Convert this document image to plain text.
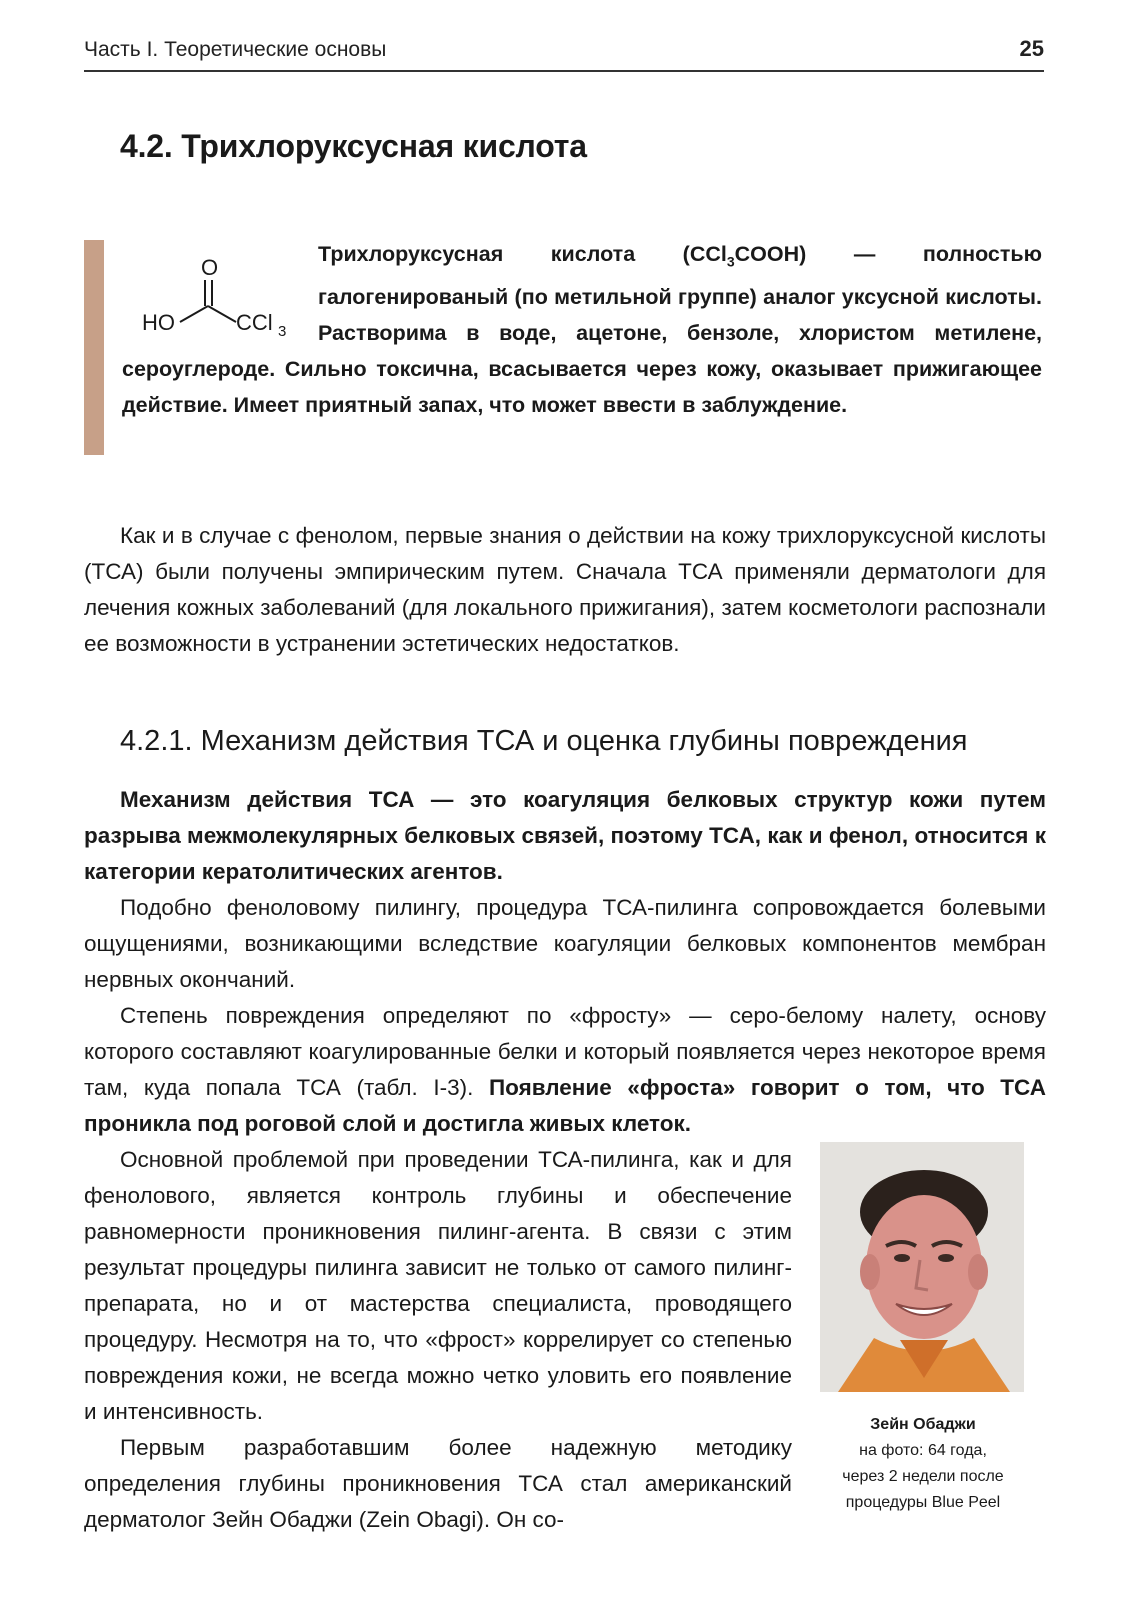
Часть I. Теоретические основы	25
4.2. Трихлоруксусная кислота
O
HO	CCl 3
Трихлоруксусная кислота (CCl$_3$COOH) — полностью галогенированый (по метильной группе) аналог уксусной кислоты. Растворима в воде, ацетоне, бензоле, хлористом метилене, сероуглероде. Сильно токсична, всасывается через кожу, оказывает прижигающее действие. Имеет приятный запах, что может ввести в заблуждение.

Как и в случае с фенолом, первые знания о действии на кожу трихлоруксусной кислоты (ТСА) были получены эмпирическим путем. Сначала ТСА применяли дерматологи для лечения кожных заболеваний (для локального прижигания), затем косметологи распознали ее возможности в устранении эстетических недостатков.

4.2.1. Механизм действия ТСА и оценка глубины повреждения

Механизм действия ТСА — это коагуляция белковых структур кожи путем разрыва межмолекулярных белковых связей, поэтому ТСА, как и фенол, относится к категории кератолитических агентов.

Подобно феноловому пилингу, процедура ТСА-пилинга сопровождается болевыми ощущениями, возникающими вследствие коагуляции белковых компонентов мембран нервных окончаний.

Степень повреждения определяют по «фросту» — серо-белому налету, основу которого составляют коагулированные белки и который появляется через некоторое время там, куда попала ТСА (табл. I-3). Появление «фроста» говорит о том, что ТСА проникла под роговой слой и достигла живых клеток.

Основной проблемой при проведении ТСА-пилинга, как и для фенолового, является контроль глубины и обеспечение равномерности проникновения пилинг-агента. В связи с этим результат процедуры пилинга зависит не только от самого пилинг-препарата, но и от мастерства специалиста, проводящего процедуру. Несмотря на то, что «фрост» коррелирует со степенью повреждения кожи, не всегда можно четко уловить его появление и интенсивность.

Первым разработавшим более надежную методику определения глубины проникновения ТСА стал американский дерматолог Зейн Обаджи (Zein Obagi). Он со-

Зейн Обаджи
на фото: 64 года,
через 2 недели после
процедуры Blue Peel
